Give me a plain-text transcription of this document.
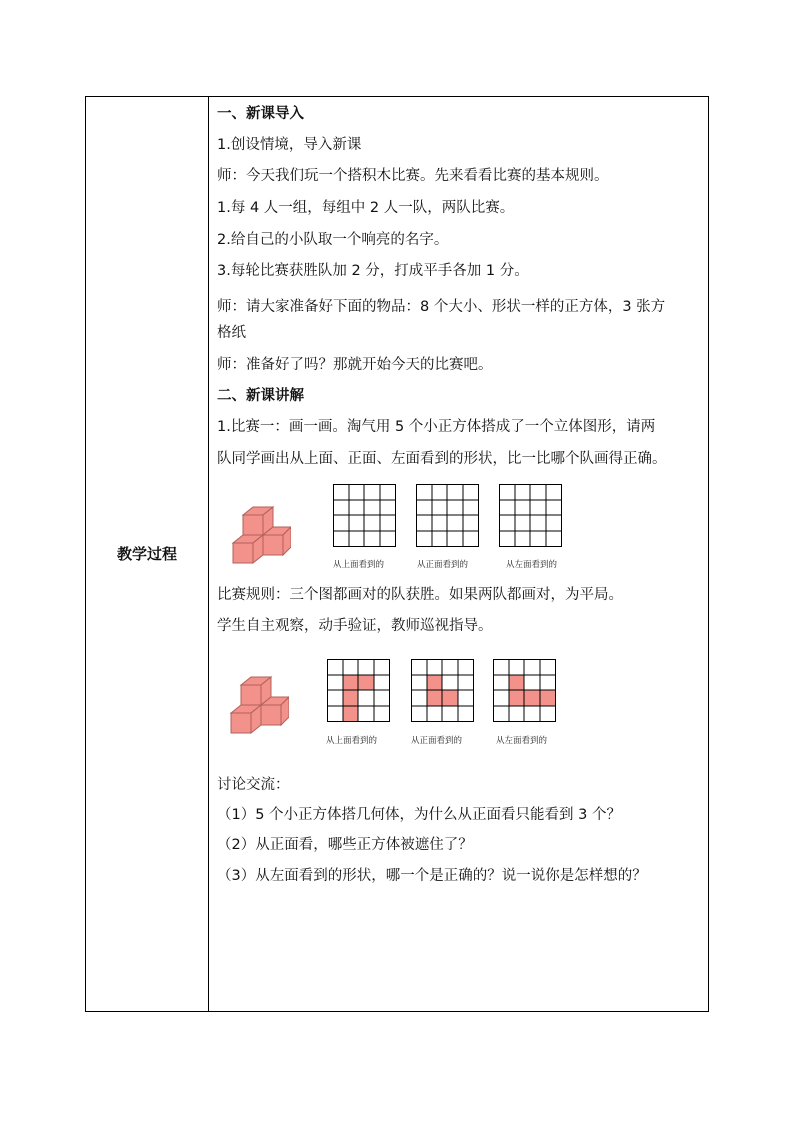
教学过程
一、新课导入
1.创设情境，导入新课
师：今天我们玩一个搭积木比赛。先来看看比赛的基本规则。
1.每 4 人一组，每组中 2 人一队，两队比赛。
2.给自己的小队取一个响亮的名字。
3.每轮比赛获胜队加 2 分，打成平手各加 1 分。
师：请大家准备好下面的物品：8 个大小、形状一样的正方体，3 张方
格纸
师：准备好了吗？那就开始今天的比赛吧。
二、新课讲解
1.比赛一：画一画。淘气用 5 个小正方体搭成了一个立体图形，请两
队同学画出从上面、正面、左面看到的形状，比一比哪个队画得正确。
从上面看到的	从正面看到的	从左面看到的
比赛规则：三个图都画对的队获胜。如果两队都画对，为平局。
学生自主观察，动手验证，教师巡视指导。
从上面看到的	从正面看到的	从左面看到的
讨论交流：
（1）5 个小正方体搭几何体，为什么从正面看只能看到 3 个？
（2）从正面看，哪些正方体被遮住了？
（3）从左面看到的形状，哪一个是正确的？说一说你是怎样想的？
